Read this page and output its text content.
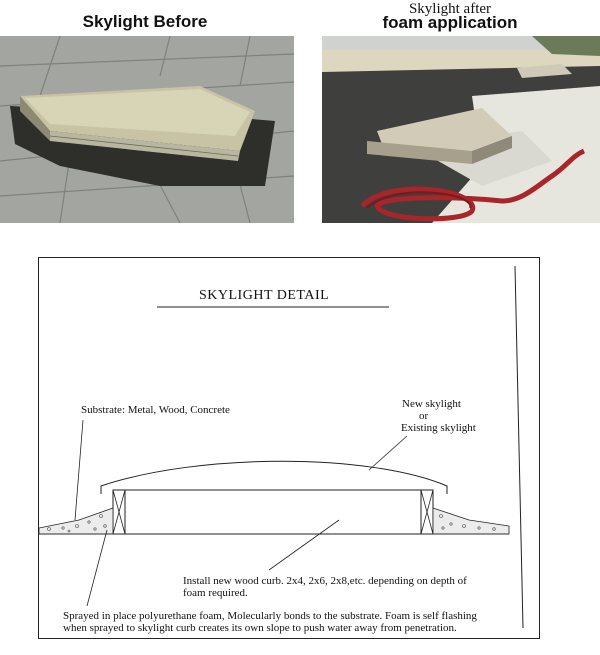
Skylight Before
Skylight after
foam application
SKYLIGHT DETAIL
Substrate: Metal, Wood, Concrete	New skylight
or
Existing skylight
Install new wood curb. 2x4, 2x6, 2x8,etc. depending on depth of
foam required.
Sprayed in place polyurethane foam, Molecularly bonds to the substrate. Foam is self flashing
when sprayed to skylight curb creates its own slope to push water away from penetration.
